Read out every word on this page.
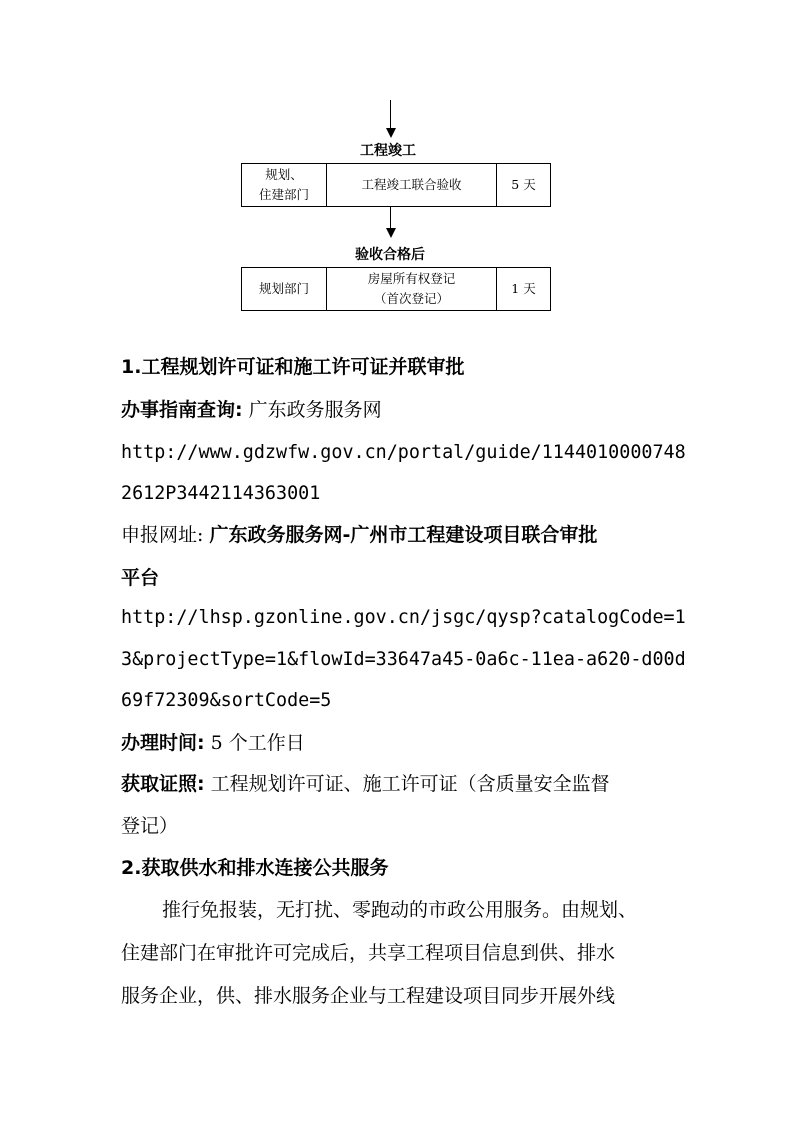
工程竣工
规划、
住建部门
工程竣工联合验收	5 天
验收合格后
规划部门
房屋所有权登记
（首次登记）
1 天
1.工程规划许可证和施工许可证并联审批
办事指南查询: 广东政务服务网
http://www.gdzwfw.gov.cn/portal/guide/1144010000748
2612P3442114363001
申报网址: 广东政务服务网-广州市工程建设项目联合审批
平台
http://lhsp.gzonline.gov.cn/jsgc/qysp?catalogCode=1
3&projectType=1&flowId=33647a45-0a6c-11ea-a620-d00d
69f72309&sortCode=5
办理时间: 5 个工作日
获取证照: 工程规划许可证、施工许可证（含质量安全监督
登记）
2.获取供水和排水连接公共服务
推行免报装，无打扰、零跑动的市政公用服务。由规划、
住建部门在审批许可完成后，共享工程项目信息到供、排水
服务企业，供、排水服务企业与工程建设项目同步开展外线
